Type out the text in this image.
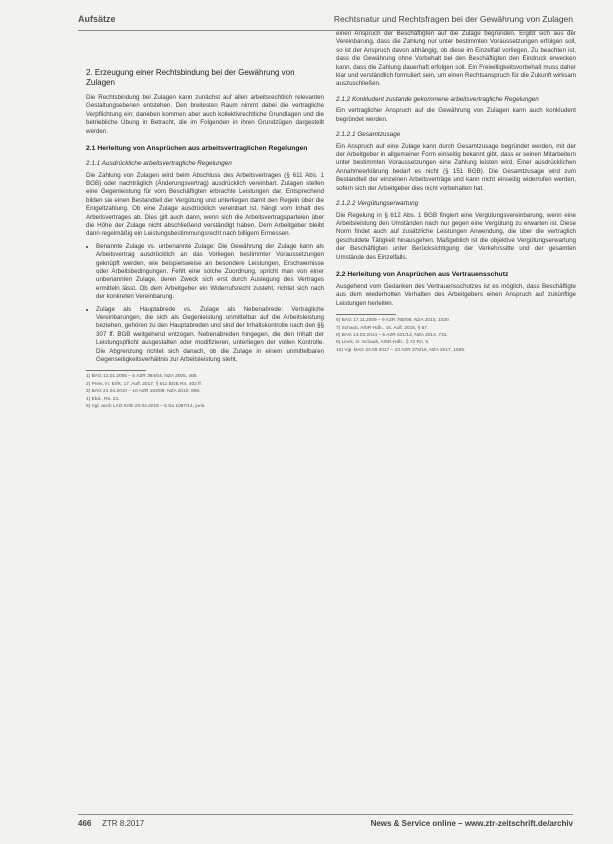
Aufsätze	Rechtsnatur und Rechtsfragen bei der Gewährung von Zulagen
2. Erzeugung einer Rechtsbindung bei der Gewährung von Zulagen

Die Rechtsbindung bei Zulagen kann zunächst auf allen arbeitsrechtlich relevanten Gestaltungsebenen entstehen. Den breitesten Raum nimmt dabei die vertragliche Verpflichtung ein; daneben kommen aber auch kollektivrechtliche Grundlagen und die betriebliche Übung in Betracht, die im Folgenden in ihren Grundzügen dargestellt werden.

2.1 Herleitung von Ansprüchen aus arbeitsvertraglichen Regelungen
2.1.1 Ausdrückliche arbeitsvertragliche Regelungen

Die Zahlung von Zulagen wird beim Abschluss des Arbeitsvertrages (§ 611 Abs. 1 BGB) oder nachträglich (Änderungsvertrag) ausdrücklich vereinbart. Zulagen stellen eine Gegenleistung für vom Beschäftigten erbrachte Leistungen dar. Entsprechend bilden sie einen Bestandteil der Vergütung und unterliegen damit den Regeln über die Entgeltzahlung. Ob eine Zulage ausdrücklich vereinbart ist, hängt vom Inhalt des Arbeitsvertrages ab. Dies gilt auch dann, wenn sich die Arbeitsvertragsparteien über die Höhe der Zulage nicht abschließend verständigt haben. Dem Arbeitgeber bleibt dann regelmäßig ein Leistungsbestimmungsrecht nach billigem Ermessen.

• Benannte Zulage vs. unbenannte Zulage: Die Gewährung der Zulage kann als Arbeitsvertrag ausdrücklich an das Vorliegen bestimmter Voraussetzungen geknüpft werden, wie beispielsweise an besondere Leistungen, Erschwernisse oder Arbeitsbedingungen. Fehlt eine solche Zuordnung, spricht man von einer unbenannten Zulage, deren Zweck sich erst durch Auslegung des Vertrages ermitteln lässt. Ob dem Arbeitgeber ein Widerrufsrecht zusteht, richtet sich nach der konkreten Vereinbarung.
• Zulage als Hauptabrede vs. Zulage als Nebenabrede: Vertragliche Vereinbarungen, die sich als Gegenleistung unmittelbar auf die Arbeitsleistung beziehen, gehören zu den Hauptabreden und sind der Inhaltskontrolle nach den §§ 307 ff. BGB weitgehend entzogen. Nebenabreden hingegen, die den Inhalt der Leistungspflicht ausgestalten oder modifizieren, unterliegen der vollen Kontrolle. Die Abgrenzung richtet sich danach, ob die Zulage in einem unmittelbaren Gegenseitigkeitsverhältnis zur Arbeitsleistung steht.
1) BAG 12.01.2005 – 5 AZR 364/04, NZA 2005, 465.
2) Preis, in: ErfK, 17. Aufl. 2017, § 611 BGB Rn. 402 ff.
3) BAG 21.04.2010 – 10 AZR 163/09, NZA 2010, 808.
4) Ebd., Rn. 21.
5) Vgl. auch LAG Köln 20.04.2015 – 5 Sa 1097/14, juris.

einen Anspruch der Beschäftigten auf die Zulage begründen. Ergibt sich aus der Vereinbarung, dass die Zahlung nur unter bestimmten Voraussetzungen erfolgen soll, so ist der Anspruch davon abhängig, ob diese im Einzelfall vorliegen. Zu beachten ist, dass die Gewährung ohne Vorbehalt bei den Beschäftigten den Eindruck erwecken kann, dass die Zahlung dauerhaft erfolgen soll. Ein Freiwilligkeitsvorbehalt muss daher klar und verständlich formuliert sein, um einen Rechtsanspruch für die Zukunft wirksam auszuschließen.

2.1.2 Konkludent zustande gekommene arbeitsvertragliche Regelungen

Ein vertraglicher Anspruch auf die Gewährung von Zulagen kann auch konkludent begründet werden.

2.1.2.1 Gesamtzusage

Ein Anspruch auf eine Zulage kann durch Gesamtzusage begründet werden, mit der der Arbeitgeber in allgemeiner Form einseitig bekannt gibt, dass er seinen Mitarbeitern unter bestimmten Voraussetzungen eine Zahlung leisten wird. Einer ausdrücklichen Annahmeerklärung bedarf es nicht (§ 151 BGB). Die Gesamtzusage wird zum Bestandteil der einzelnen Arbeitsverträge und kann nicht einseitig widerrufen werden, sofern sich der Arbeitgeber dies nicht vorbehalten hat.

2.1.2.2 Vergütungserwartung

Die Regelung in § 612 Abs. 1 BGB fingiert eine Vergütungsvereinbarung, wenn eine Arbeitsleistung den Umständen nach nur gegen eine Vergütung zu erwarten ist. Diese Norm findet auch auf zusätzliche Leistungen Anwendung, die über die vertraglich geschuldete Tätigkeit hinausgehen. Maßgeblich ist die objektive Vergütungserwartung der Beschäftigten unter Berücksichtigung der Verkehrssitte und der gesamten Umstände des Einzelfalls.

2.2 Herleitung von Ansprüchen aus Vertrauensschutz

Ausgehend vom Gedanken des Vertrauensschutzes ist es möglich, dass Beschäftigte aus dem wiederholten Verhalten des Arbeitgebers einen Anspruch auf zukünftige Leistungen herleiten.

6) BAG 17.11.2009 – 9 AZR 765/08, NZA 2010, 1020.
7) Schaub, ArbR-Hdb., 16. Aufl. 2015, § 67.
8) BAG 13.03.2014 – 6 AZR 621/12, NZA 2014, 731.
9) Linck, in: Schaub, ArbR-Hdb., § 72 Rn. 5.
10) Vgl. BAG 23.08.2017 – 10 AZR 376/16, NZA 2017, 1595.
466 ZTR 8.2017	News & Service online – www.ztr-zeitschrift.de/archiv
